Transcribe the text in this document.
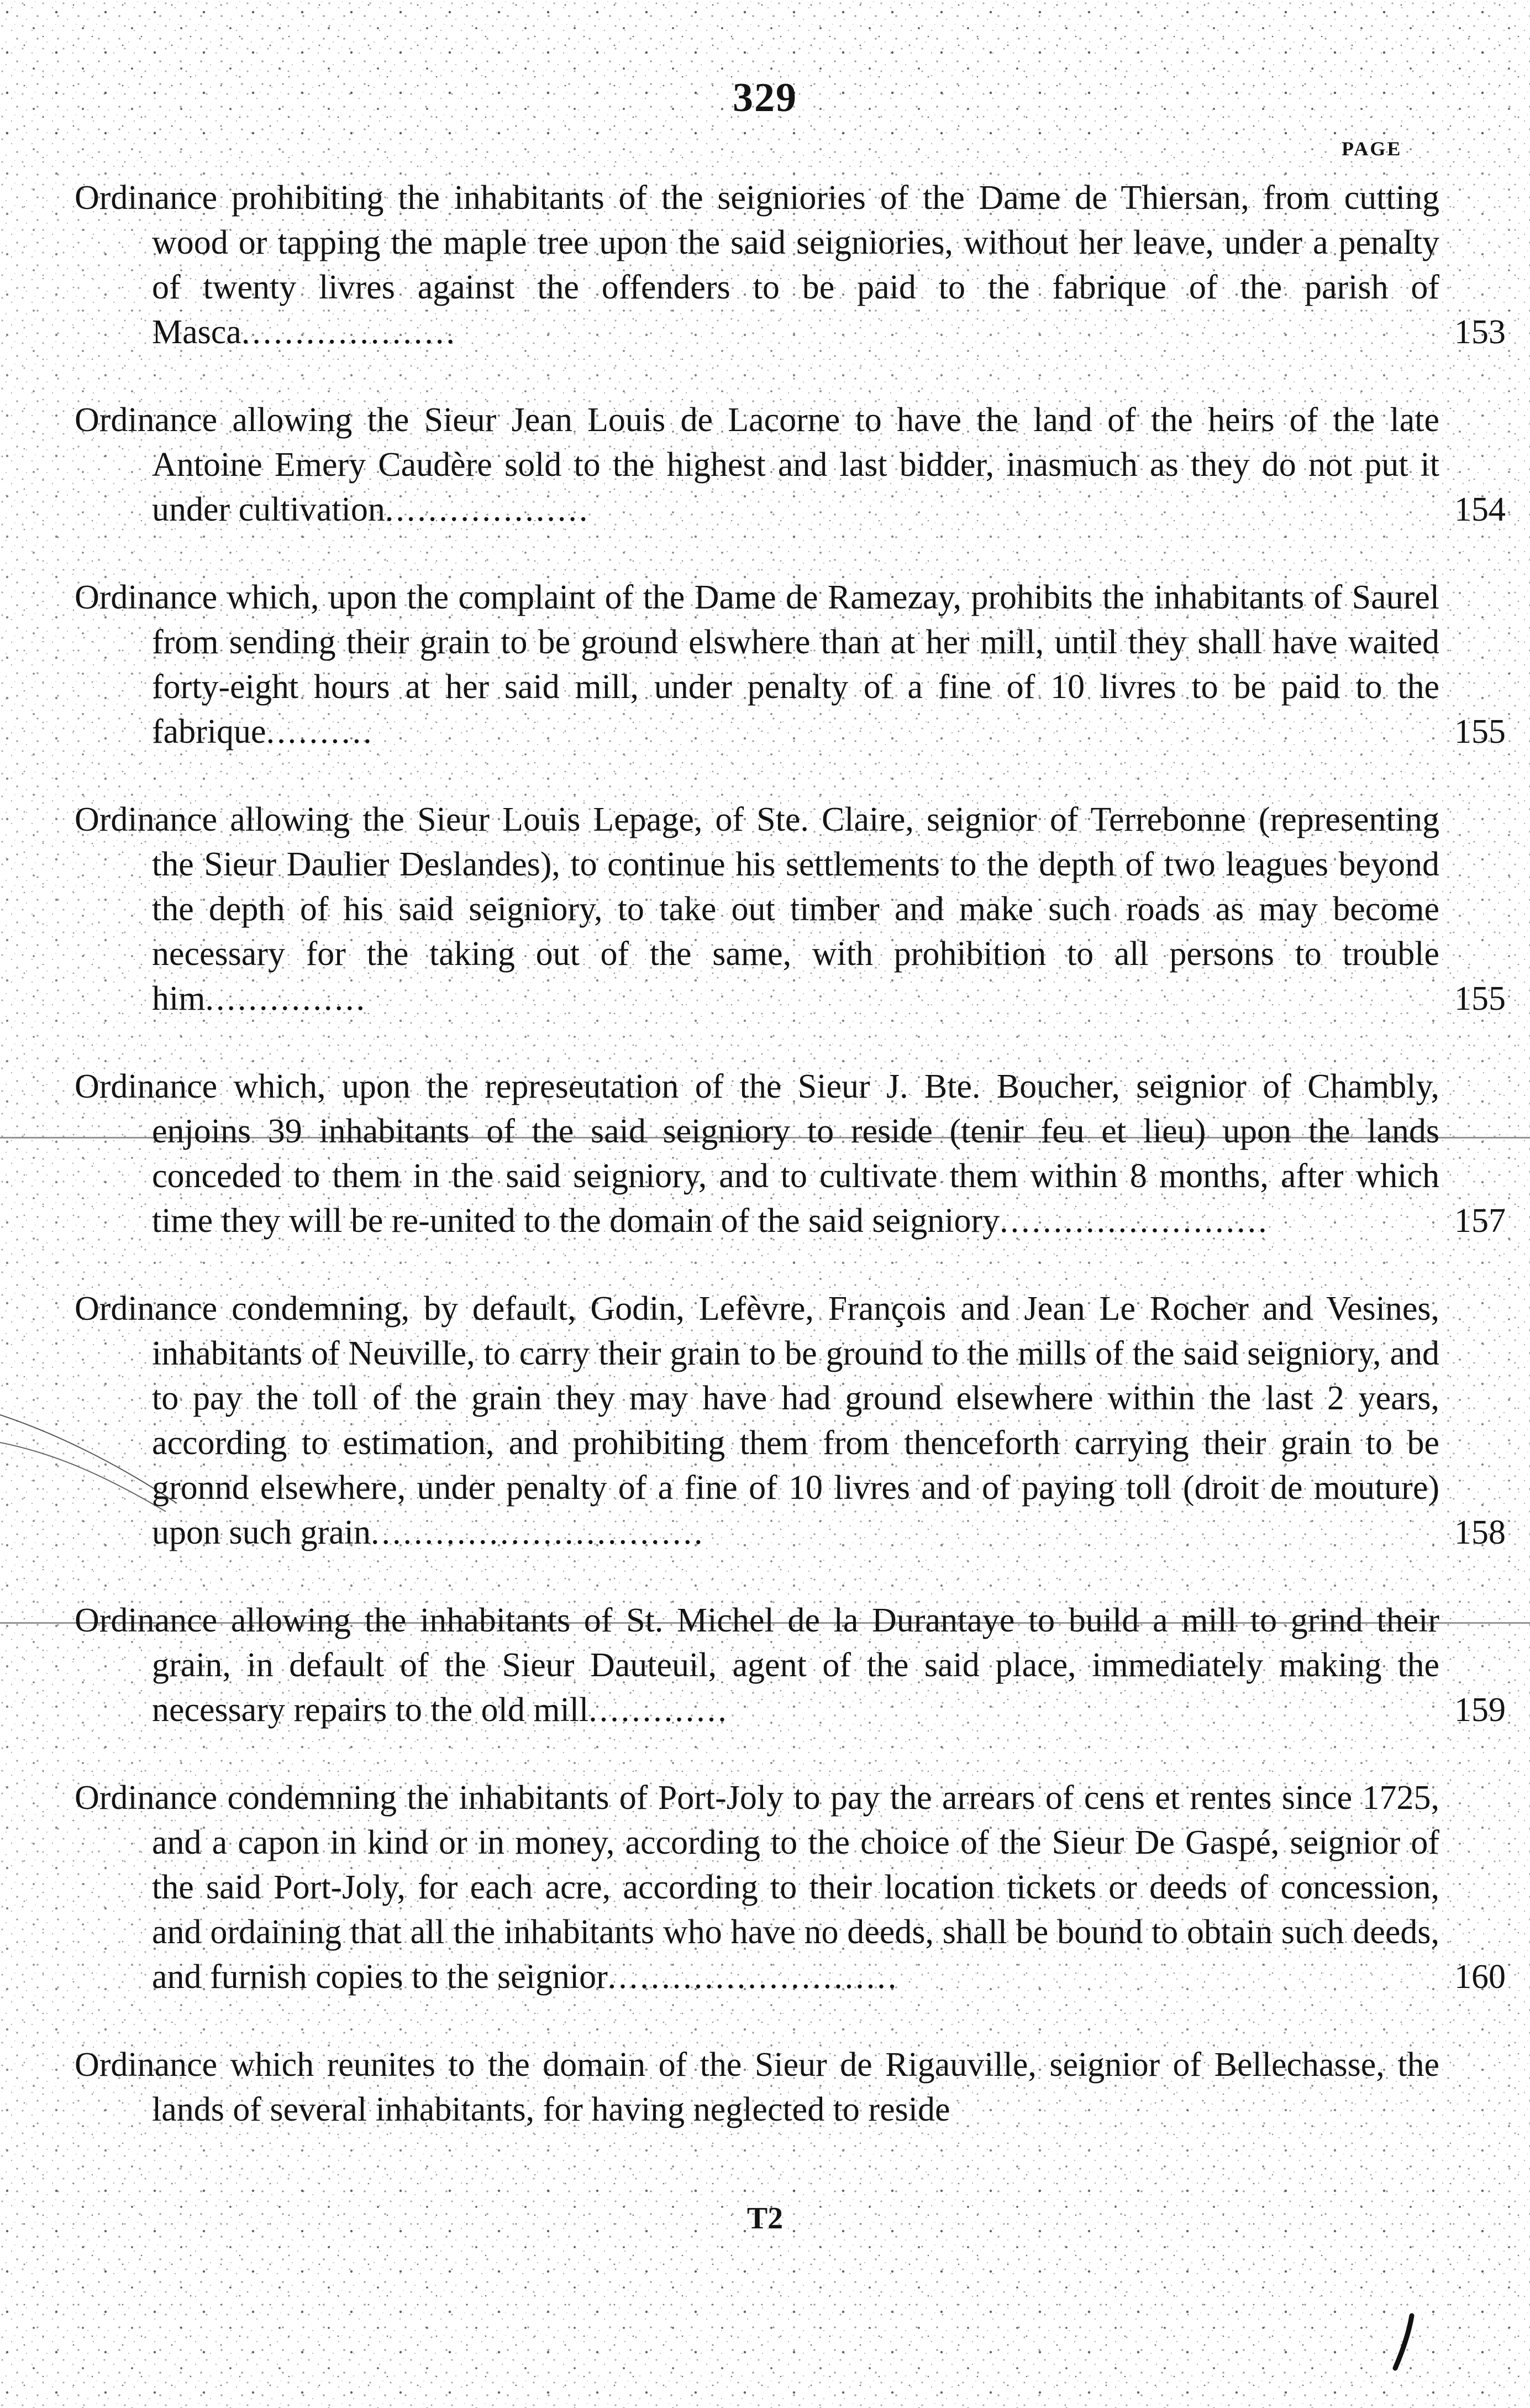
329
PAGE
Ordinance prohibiting the inhabitants of the seigniories of the Dame de Thiersan, from cutting wood or tapping the maple tree upon the said seigniories, without her leave, under a penalty of twenty livres against the offenders to be paid to the fabrique of the parish of Masca....................	153
Ordinance allowing the Sieur Jean Louis de Lacorne to have the land of the heirs of the late Antoine Emery Caudère sold to the highest and last bidder, inasmuch as they do not put it under cultivation...................	154
Ordinance which, upon the complaint of the Dame de Ramezay, prohibits the inhabitants of Saurel from sending their grain to be ground elswhere than at her mill, until they shall have waited forty-eight hours at her said mill, under penalty of a fine of 10 livres to be paid to the fabrique..........	155
Ordinance allowing the Sieur Louis Lepage, of Ste. Claire, seignior of Terrebonne (representing the Sieur Daulier Deslandes), to continue his settlements to the depth of two leagues beyond the depth of his said seigniory, to take out timber and make such roads as may become necessary for the taking out of the same, with prohibition to all persons to trouble him...............	155
Ordinance which, upon the represeutation of the Sieur J. Bte. Boucher, seignior of Chambly, enjoins 39 inhabitants of the said seigniory to reside (tenir feu et lieu) upon the lands conceded to them in the said seigniory, and to cultivate them within 8 months, after which time they will be re-united to the domain of the said seigniory.........................	157
Ordinance condemning, by default, Godin, Lefèvre, François and Jean Le Rocher and Vesines, inhabitants of Neuville, to carry their grain to be ground to the mills of the said seigniory, and to pay the toll of the grain they may have had ground elsewhere within the last 2 years, according to estimation, and prohibiting them from thenceforth carrying their grain to be gronnd elsewhere, under penalty of a fine of 10 livres and of paying toll (droit de mouture) upon such grain...............................	158
Ordinance allowing the inhabitants of St. Michel de la Durantaye to build a mill to grind their grain, in default of the Sieur Dauteuil, agent of the said place, immediately making the necessary repairs to the old mill.............	159
Ordinance condemning the inhabitants of Port-Joly to pay the arrears of cens et rentes since 1725, and a capon in kind or in money, according to the choice of the Sieur De Gaspé, seignior of the said Port-Joly, for each acre, according to their location tickets or deeds of concession, and ordaining that all the inhabitants who have no deeds, shall be bound to obtain such deeds, and furnish copies to the seignior...........................	160
Ordinance which reunites to the domain of the Sieur de Rigauville, seignior of Bellechasse, the lands of several inhabitants, for having neglected to reside
T2
